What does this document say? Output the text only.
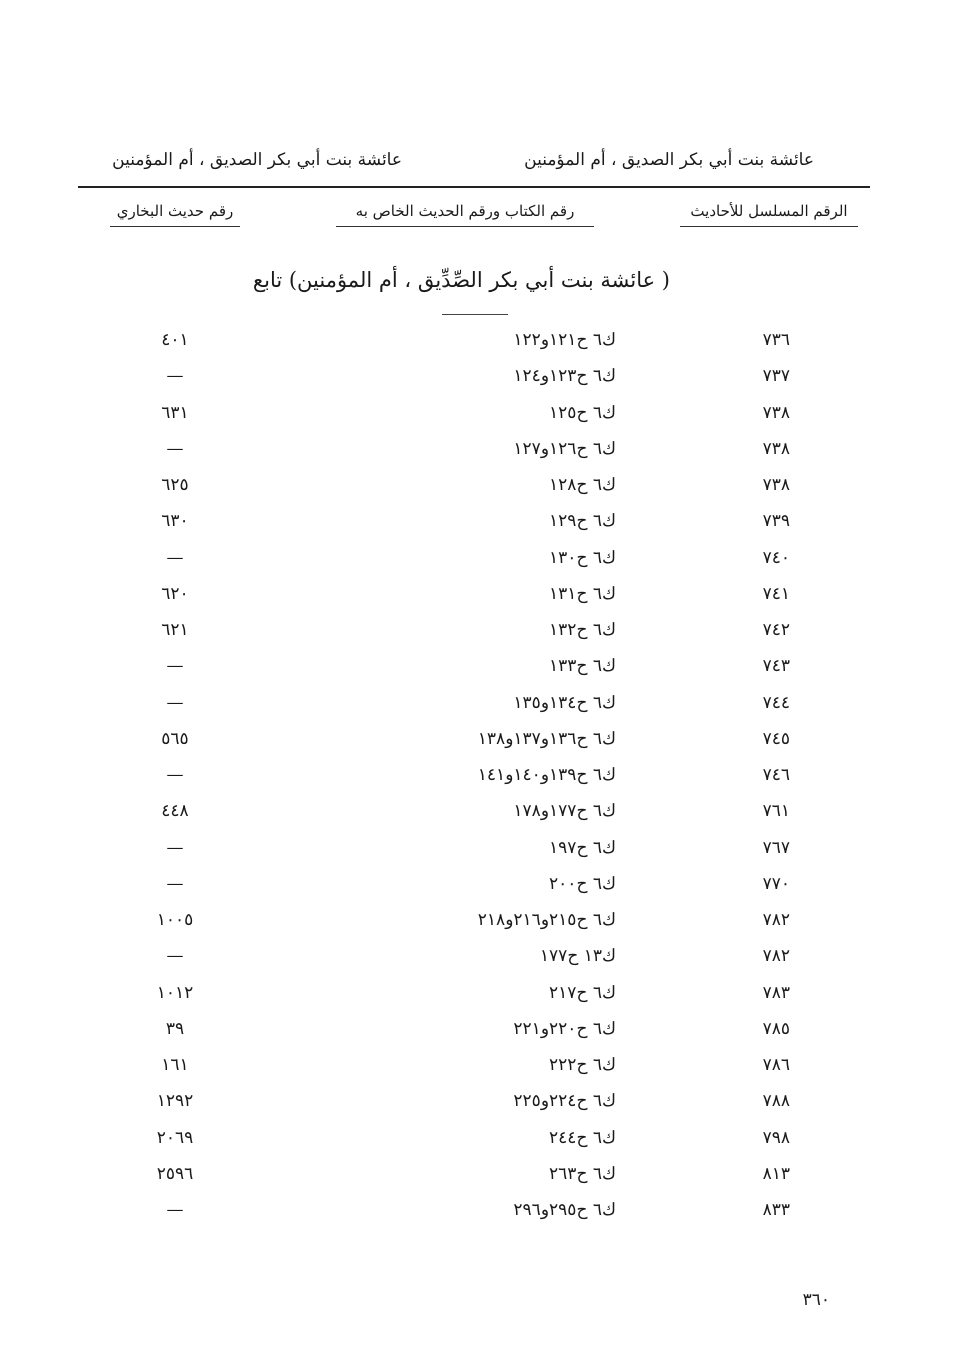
عائشة بنت أبي بكر الصديق ، أم المؤمنين
عائشة بنت أبي بكر الصديق ، أم المؤمنين
الرقم المسلسل للأحاديث
رقم الكتاب ورقم الحديث الخاص به
رقم حديث البخاري
( عائشة بنت أبي بكر الصِّدِّيق ، أم المؤمنين) تابع
٧٣٦
ك٦ ح١٢١و١٢٢
٤٠١
٧٣٧
ك٦ ح١٢٣و١٢٤
—
٧٣٨
ك٦ ح١٢٥
٦٣١
٧٣٨
ك٦ ح١٢٦و١٢٧
—
٧٣٨
ك٦ ح١٢٨
٦٢٥
٧٣٩
ك٦ ح١٢٩
٦٣٠
٧٤٠
ك٦ ح١٣٠
—
٧٤١
ك٦ ح١٣١
٦٢٠
٧٤٢
ك٦ ح١٣٢
٦٢١
٧٤٣
ك٦ ح١٣٣
—
٧٤٤
ك٦ ح١٣٤و١٣٥
—
٧٤٥
ك٦ ح١٣٦و١٣٧و١٣٨
٥٦٥
٧٤٦
ك٦ ح١٣٩و١٤٠و١٤١
—
٧٦١
ك٦ ح١٧٧و١٧٨
٤٤٨
٧٦٧
ك٦ ح١٩٧
—
٧٧٠
ك٦ ح٢٠٠
—
٧٨٢
ك٦ ح٢١٥و٢١٦و٢١٨
١٠٠٥
٧٨٢
ك١٣ ح١٧٧
—
٧٨٣
ك٦ ح٢١٧
١٠١٢
٧٨٥
ك٦ ح٢٢٠و٢٢١
٣٩
٧٨٦
ك٦ ح٢٢٢
١٦١
٧٨٨
ك٦ ح٢٢٤و٢٢٥
١٢٩٢
٧٩٨
ك٦ ح٢٤٤
٢٠٦٩
٨١٣
ك٦ ح٢٦٣
٢٥٩٦
٨٣٣
ك٦ ح٢٩٥و٢٩٦
—
٣٦٠
